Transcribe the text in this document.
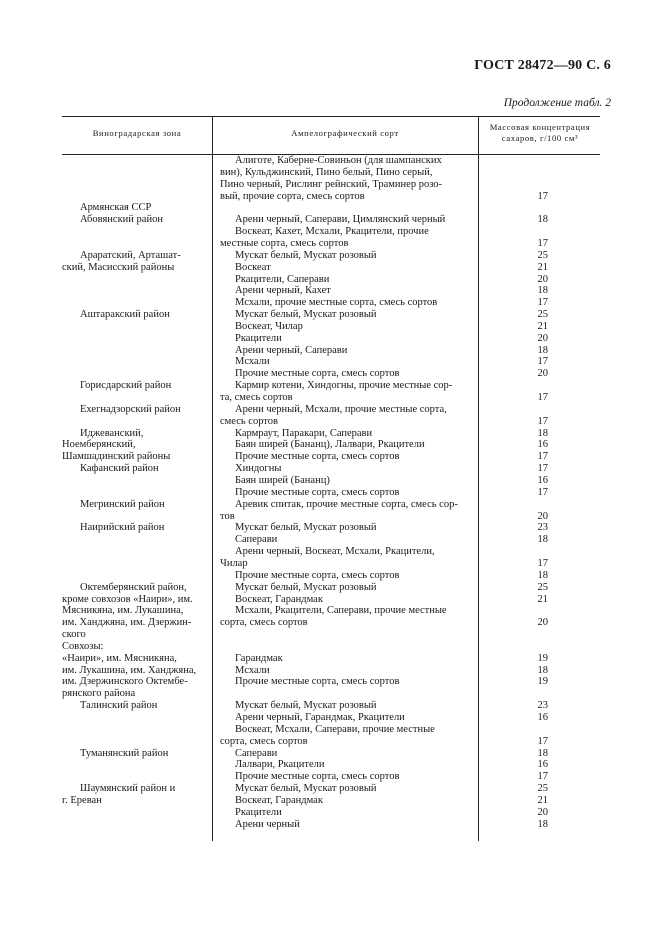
ГОСТ 28472—90 С. 6
Продолжение табл. 2
Виноградарская зона	Ампелографический сорт
Массовая концентрация сахаров, г/100 см³
Алиготе, Каберне-Совиньон (для шампанских
вин), Кульджинский, Пино белый, Пино серый,
Пино черный, Рислинг рейнский, Траминер розо-
вый, прочие сорта, смесь сортов	17
Армянская ССР
Абовянский район	Арени черный, Саперави, Цимлянский черный	18
Воскеат, Кахет, Мсхали, Ркацители, прочие
местные сорта, смесь сортов	17
Араратский, Арташат-	Мускат белый, Мускат розовый	25
ский, Масисский районы	Воскеат	21
Ркацители, Саперави	20
Арени черный, Кахет	18
Мсхали, прочие местные сорта, смесь сортов	17
Аштаракский район	Мускат белый, Мускат розовый	25
Воскеат, Чилар	21
Ркацители	20
Арени черный, Саперави	18
Мсхали	17
Прочие местные сорта, смесь сортов	20
Горисдарский район	Кармир котени, Хиндогны, прочие местные сор-
та, смесь сортов	17
Ехегнадзорский район	Арени черный, Мсхали, прочие местные сорта,
смесь сортов	17
Иджеванский,	Кармраут, Паракари, Саперави	18
Ноемберянский,	Баян ширей (Бананц), Лалвари, Ркацители	16
Шамшадинский районы	Прочие местные сорта, смесь сортов	17
Кафанский район	Хиндогны	17
Баян ширей (Бананц)	16
Прочие местные сорта, смесь сортов	17
Мегринский район	Аревик спитак, прочие местные сорта, смесь сор-
тов	20
Наирийский район	Мускат белый, Мускат розовый	23
Саперави	18
Арени черный, Воскеат, Мсхали, Ркацители,
Чилар	17
Прочие местные сорта, смесь сортов	18
Октемберянский район,	Мускат белый, Мускат розовый	25
кроме совхозов «Наири», им.	Воскеат, Гарандмак	21
Мясникяна, им. Лукашина,	Мсхали, Ркацители, Саперави, прочие местные
им. Ханджяна, им. Дзержин-	сорта, смесь сортов	20
ского
Совхозы:
«Наири», им. Мясникяна,	Гарандмак	19
им. Лукашина, им. Ханджяна,	Мсхали	18
им. Дзержинского Октембе-	Прочие местные сорта, смесь сортов	19
рянского района
Талинский район	Мускат белый, Мускат розовый	23
Арени черный, Гарандмак, Ркацители	16
Воскеат, Мсхали, Саперави, прочие местные
сорта, смесь сортов	17
Туманянский район	Саперави	18
Лалвари, Ркацители	16
Прочие местные сорта, смесь сортов	17
Шаумянский район и	Мускат белый, Мускат розовый	25
г. Ереван	Воскеат, Гарандмак	21
Ркацители	20
Арени черный	18
